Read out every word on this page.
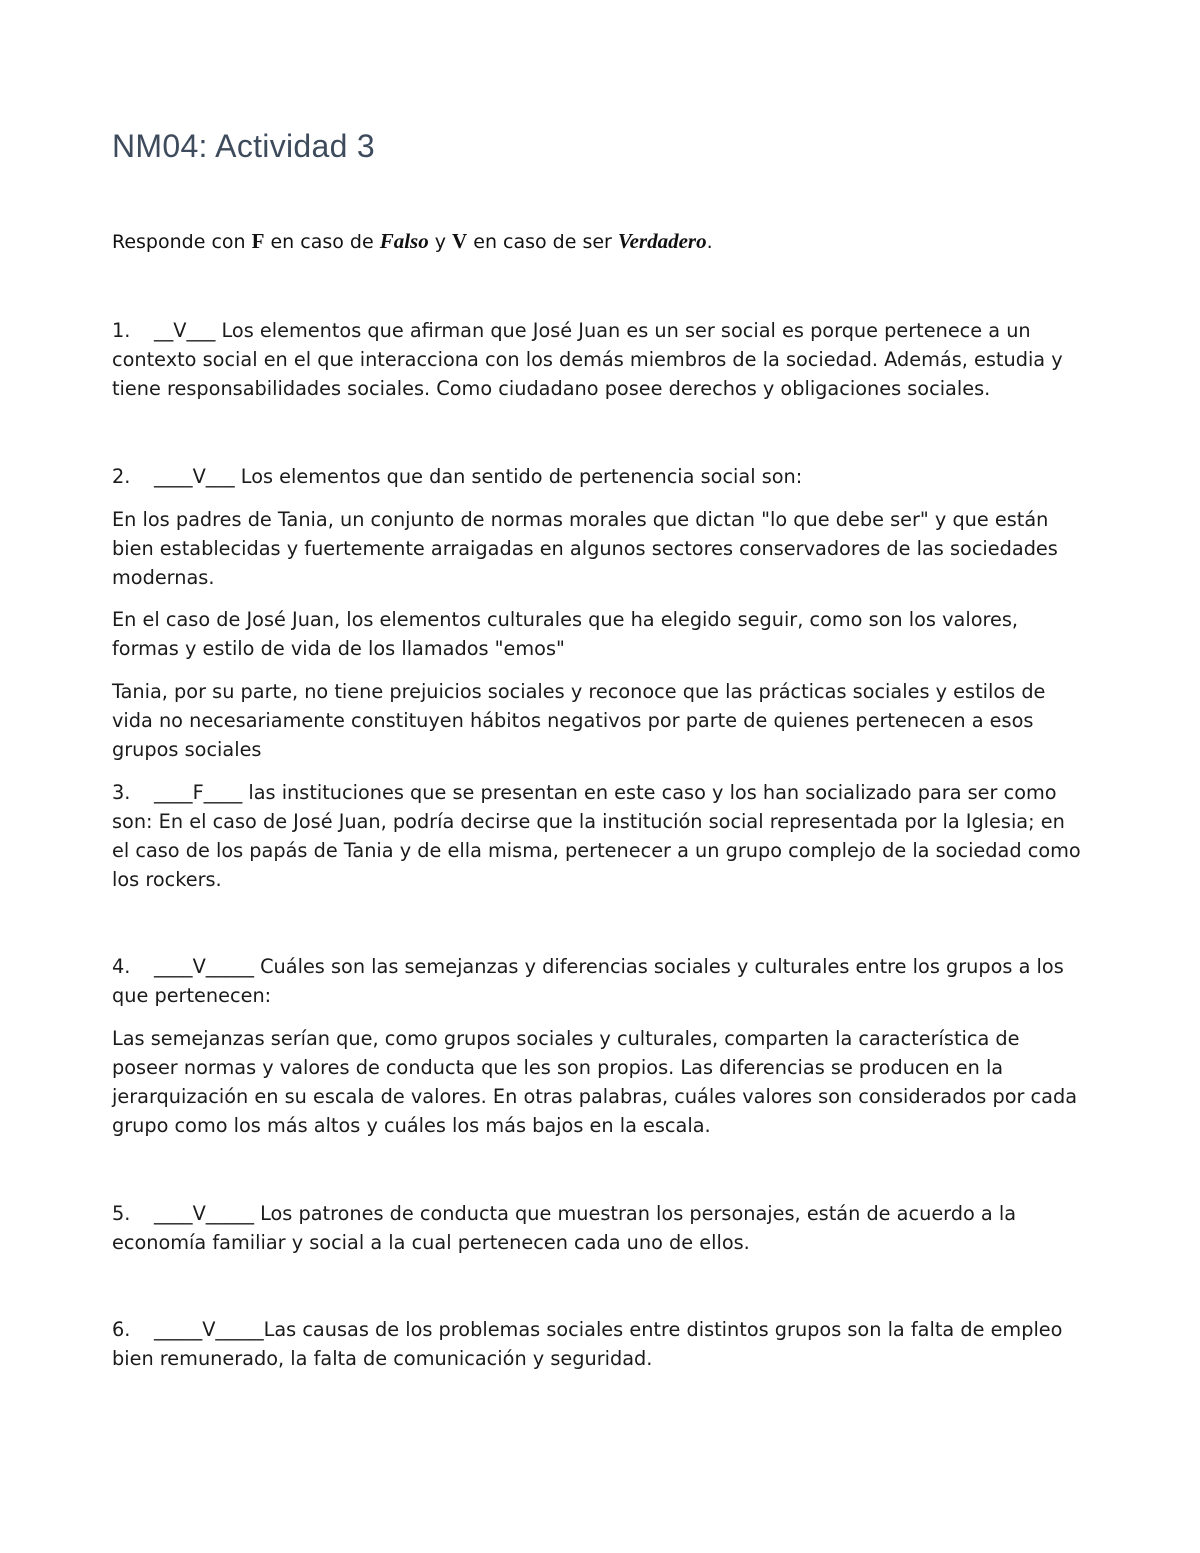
NM04: Actividad 3
Responde con F en caso de Falso y V en caso de ser Verdadero.

1. __V___ Los elementos que afirman que José Juan es un ser social es porque pertenece a un contexto social en el que interacciona con los demás miembros de la sociedad. Además, estudia y tiene responsabilidades sociales. Como ciudadano posee derechos y obligaciones sociales.

2. ____V___ Los elementos que dan sentido de pertenencia social son:

En los padres de Tania, un conjunto de normas morales que dictan "lo que debe ser" y que están bien establecidas y fuertemente arraigadas en algunos sectores conservadores de las sociedades modernas.

En el caso de José Juan, los elementos culturales que ha elegido seguir, como son los valores, formas y estilo de vida de los llamados "emos"

Tania, por su parte, no tiene prejuicios sociales y reconoce que las prácticas sociales y estilos de vida no necesariamente constituyen hábitos negativos por parte de quienes pertenecen a esos grupos sociales

3. ____F____ las instituciones que se presentan en este caso y los han socializado para ser como son: En el caso de José Juan, podría decirse que la institución social representada por la Iglesia; en el caso de los papás de Tania y de ella misma, pertenecer a un grupo complejo de la sociedad como los rockers.

4. ____V_____ Cuáles son las semejanzas y diferencias sociales y culturales entre los grupos a los que pertenecen:

Las semejanzas serían que, como grupos sociales y culturales, comparten la característica de poseer normas y valores de conducta que les son propios. Las diferencias se producen en la jerarquización en su escala de valores. En otras palabras, cuáles valores son considerados por cada grupo como los más altos y cuáles los más bajos en la escala.

5. ____V_____ Los patrones de conducta que muestran los personajes, están de acuerdo a la economía familiar y social a la cual pertenecen cada uno de ellos.

6. _____V_____Las causas de los problemas sociales entre distintos grupos son la falta de empleo bien remunerado, la falta de comunicación y seguridad.
